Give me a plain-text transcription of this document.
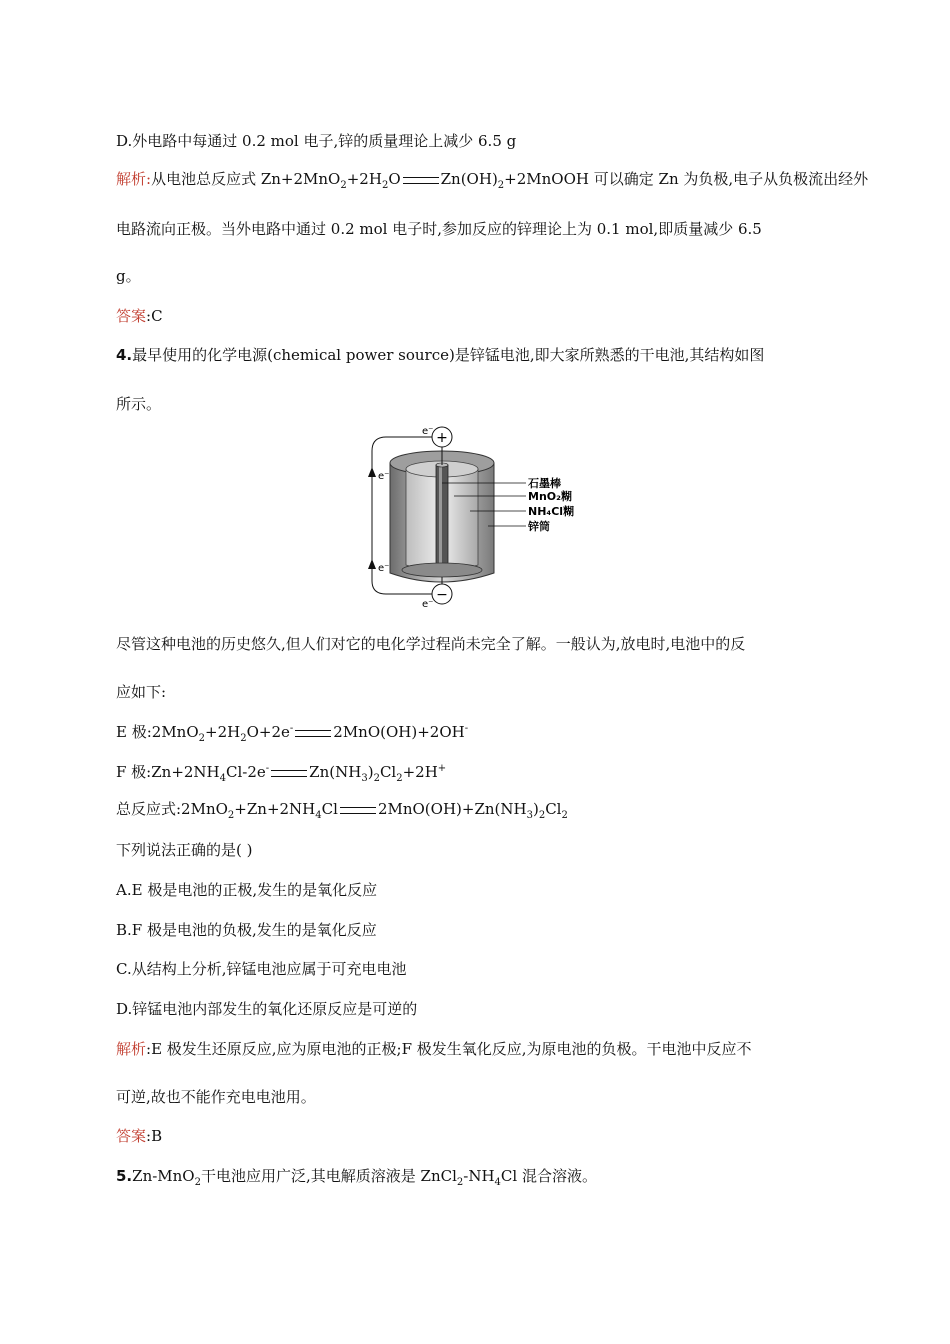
D.外电路中每通过 0.2 mol 电子,锌的质量理论上减少 6.5 g
解析:从电池总反应式 $Zn+2MnO_2+2H_2O$	$Zn(OH)_2+2MnOOH$ 可以确定 Zn 为负极,电子从负极流出经外
电路流向正极。当外电路中通过 0.2 mol 电子时,参加反应的锌理论上为 0.1 mol,即质量减少 6.5
g。
答案:C
4.最早使用的化学电源(chemical power source)是锌锰电池,即大家所熟悉的干电池,其结构如图
所示。
+
−
e⁻
e⁻
e⁻
e⁻
石墨棒
MnO₂糊
NH₄Cl糊
锌筒
尽管这种电池的历史悠久,但人们对它的电化学过程尚未完全了解。一般认为,放电时,电池中的反
应如下:
E 极$:2MnO_2+2H_2O+2e^-$	2MnO(OH)+2OH-
F 极$:Zn+2NH_4Cl-2e^-$	$Zn(NH_3)_2Cl_2+2H^+$
总反应式$:2MnO_2+Zn+2NH_4Cl$	$2MnO(OH)+Zn(NH_3)_2Cl_2$
下列说法正确的是( )
A.E 极是电池的正极,发生的是氧化反应
B.F 极是电池的负极,发生的是氧化反应
C.从结构上分析,锌锰电池应属于可充电电池
D.锌锰电池内部发生的氧化还原反应是可逆的
解析:E 极发生还原反应,应为原电池的正极;F 极发生氧化反应,为原电池的负极。干电池中反应不
可逆,故也不能作充电电池用。
答案:B
5.Zn-MnO$_2$干电池应用广泛,其电解质溶液是 $ZnCl_2-NH_4Cl$ 混合溶液。
